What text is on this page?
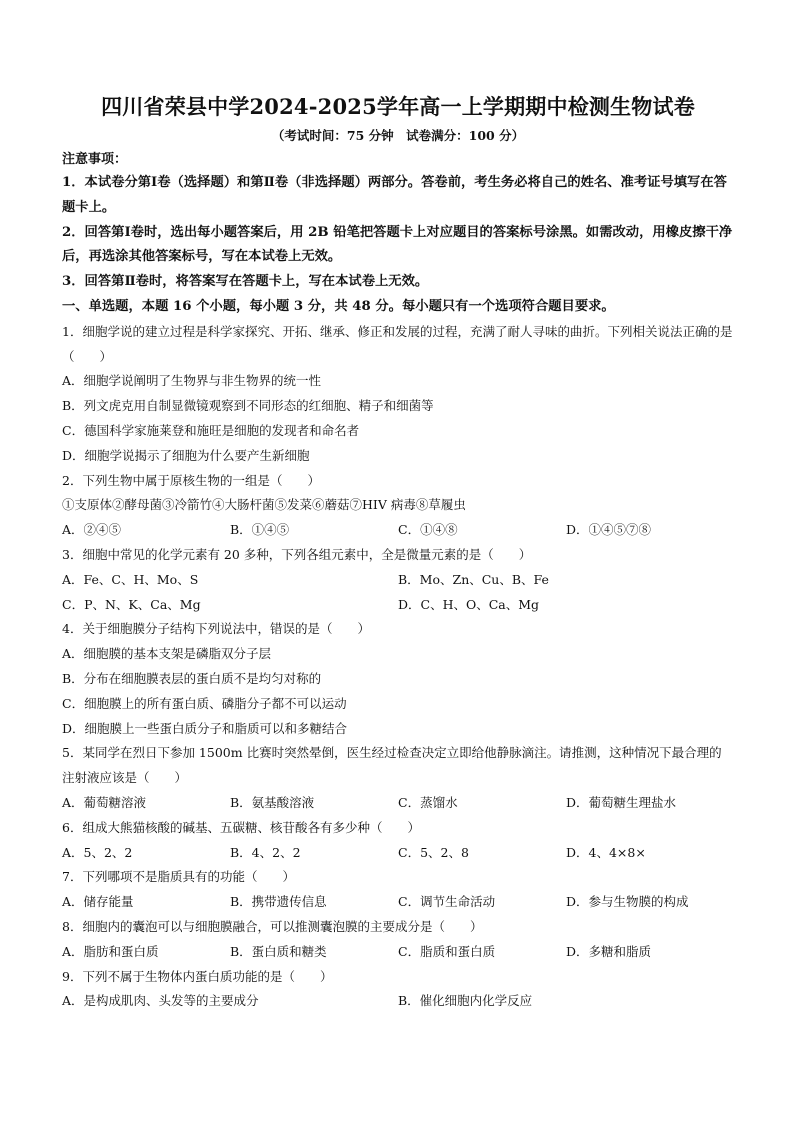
四川省荣县中学2024-2025学年高一上学期期中检测生物试卷
（考试时间：75 分钟　试卷满分：100 分）
注意事项：
1．本试卷分第Ⅰ卷（选择题）和第Ⅱ卷（非选择题）两部分。答卷前，考生务必将自己的姓名、准考证号填写在答题卡上。
2．回答第Ⅰ卷时，选出每小题答案后，用 2B 铅笔把答题卡上对应题目的答案标号涂黑。如需改动，用橡皮擦干净后，再选涂其他答案标号，写在本试卷上无效。
3．回答第Ⅱ卷时，将答案写在答题卡上，写在本试卷上无效。
一、单选题，本题 16 个小题，每小题 3 分，共 48 分。每小题只有一个选项符合题目要求。
1．细胞学说的建立过程是科学家探究、开拓、继承、修正和发展的过程，充满了耐人寻味的曲折。下列相关说法正确的是（　　）
A．细胞学说阐明了生物界与非生物界的统一性
B．列文虎克用自制显微镜观察到不同形态的红细胞、精子和细菌等
C．德国科学家施莱登和施旺是细胞的发现者和命名者
D．细胞学说揭示了细胞为什么要产生新细胞
2．下列生物中属于原核生物的一组是（　　）
①支原体②酵母菌③冷箭竹④大肠杆菌⑤发菜⑥蘑菇⑦HIV 病毒⑧草履虫
A．②④⑤	B．①④⑤	C．①④⑧	D．①④⑤⑦⑧
3．细胞中常见的化学元素有 20 多种，下列各组元素中，全是微量元素的是（　　）
A．Fe、C、H、Mo、S	B．Mo、Zn、Cu、B、Fe
C．P、N、K、Ca、Mg	D．C、H、O、Ca、Mg
4．关于细胞膜分子结构下列说法中，错误的是（　　）
A．细胞膜的基本支架是磷脂双分子层
B．分布在细胞膜表层的蛋白质不是均匀对称的
C．细胞膜上的所有蛋白质、磷脂分子都不可以运动
D．细胞膜上一些蛋白质分子和脂质可以和多糖结合
5．某同学在烈日下参加 1500m 比赛时突然晕倒，医生经过检查决定立即给他静脉滴注。请推测，这种情况下最合理的注射液应该是（　　）
A．葡萄糖溶液	B．氨基酸溶液	C．蒸馏水	D．葡萄糖生理盐水
6．组成大熊猫核酸的碱基、五碳糖、核苷酸各有多少种（　　）
A．5、2、2	B．4、2、2	C．5、2、8	D．4、4×8×
7．下列哪项不是脂质具有的功能（　　）
A．储存能量	B．携带遗传信息	C．调节生命活动	D．参与生物膜的构成
8．细胞内的囊泡可以与细胞膜融合，可以推测囊泡膜的主要成分是（　　）
A．脂肪和蛋白质	B．蛋白质和糖类	C．脂质和蛋白质	D．多糖和脂质
9．下列不属于生物体内蛋白质功能的是（　　）
A．是构成肌肉、头发等的主要成分	B．催化细胞内化学反应
